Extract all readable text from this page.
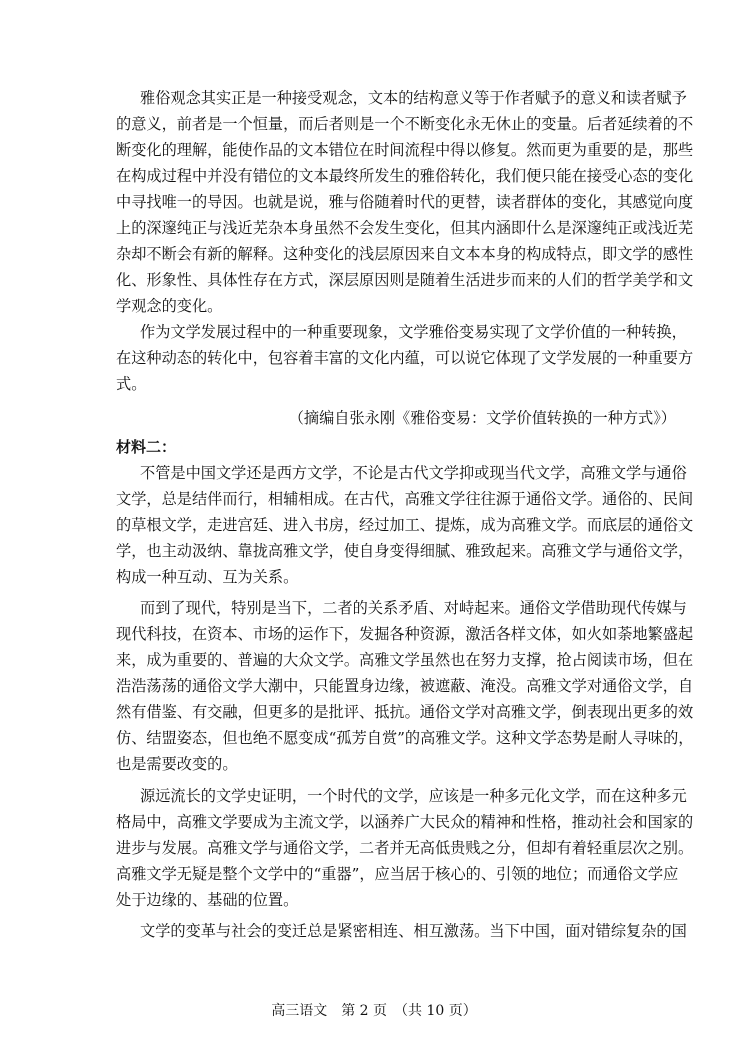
雅俗观念其实正是一种接受观念，文本的结构意义等于作者赋予的意义和读者赋予
的意义，前者是一个恒量，而后者则是一个不断变化永无休止的变量。后者延续着的不
断变化的理解，能使作品的文本错位在时间流程中得以修复。然而更为重要的是，那些
在构成过程中并没有错位的文本最终所发生的雅俗转化，我们便只能在接受心态的变化
中寻找唯一的导因。也就是说，雅与俗随着时代的更替，读者群体的变化，其感觉向度
上的深邃纯正与浅近芜杂本身虽然不会发生变化，但其内涵即什么是深邃纯正或浅近芜
杂却不断会有新的解释。这种变化的浅层原因来自文本本身的构成特点，即文学的感性
化、形象性、具体性存在方式，深层原因则是随着生活进步而来的人们的哲学美学和文
学观念的变化。
作为文学发展过程中的一种重要现象，文学雅俗变易实现了文学价值的一种转换，
在这种动态的转化中，包容着丰富的文化内蕴，可以说它体现了文学发展的一种重要方
式。
（摘编自张永刚《雅俗变易：文学价值转换的一种方式》）
材料二：
不管是中国文学还是西方文学，不论是古代文学抑或现当代文学，高雅文学与通俗
文学，总是结伴而行，相辅相成。在古代，高雅文学往往源于通俗文学。通俗的、民间
的草根文学，走进宫廷、进入书房，经过加工、提炼，成为高雅文学。而底层的通俗文
学，也主动汲纳、靠拢高雅文学，使自身变得细腻、雅致起来。高雅文学与通俗文学，
构成一种互动、互为关系。
而到了现代，特别是当下，二者的关系矛盾、对峙起来。通俗文学借助现代传媒与
现代科技，在资本、市场的运作下，发掘各种资源，激活各样文体，如火如荼地繁盛起
来，成为重要的、普遍的大众文学。高雅文学虽然也在努力支撑，抢占阅读市场，但在
浩浩荡荡的通俗文学大潮中，只能置身边缘，被遮蔽、淹没。高雅文学对通俗文学，自
然有借鉴、有交融，但更多的是批评、抵抗。通俗文学对高雅文学，倒表现出更多的效
仿、结盟姿态，但也绝不愿变成“孤芳自赏”的高雅文学。这种文学态势是耐人寻味的，
也是需要改变的。
源远流长的文学史证明，一个时代的文学，应该是一种多元化文学，而在这种多元
格局中，高雅文学要成为主流文学，以涵养广大民众的精神和性格，推动社会和国家的
进步与发展。高雅文学与通俗文学，二者并无高低贵贱之分，但却有着轻重层次之别。
高雅文学无疑是整个文学中的“重器”，应当居于核心的、引领的地位；而通俗文学应
处于边缘的、基础的位置。
文学的变革与社会的变迁总是紧密相连、相互激荡。当下中国，面对错综复杂的国
高三语文　第 2 页　（共 10 页）
